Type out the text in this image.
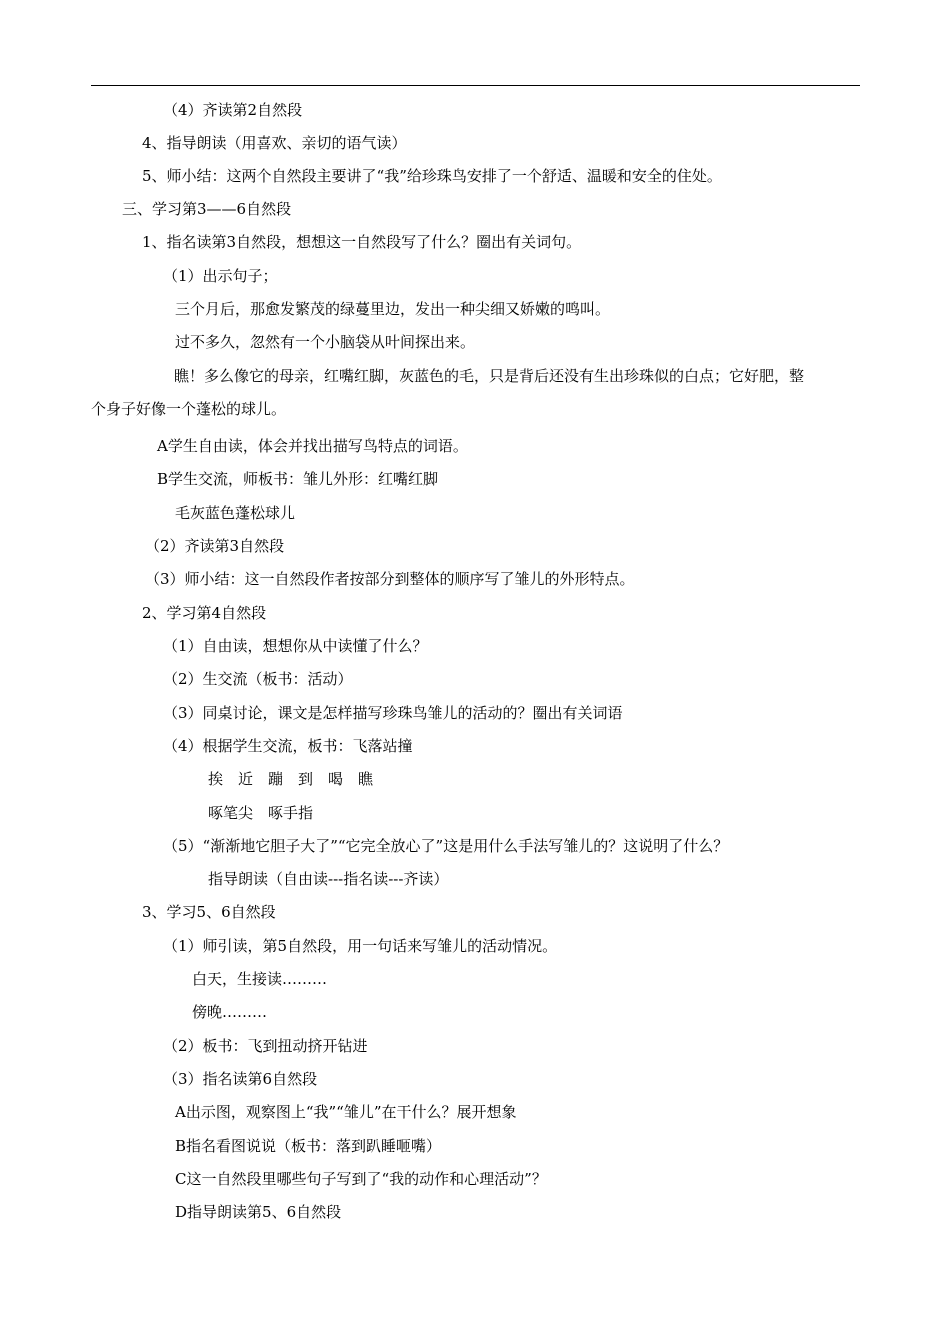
（4）齐读第2自然段
4、指导朗读（用喜欢、亲切的语气读）
5、师小结：这两个自然段主要讲了“我”给珍珠鸟安排了一个舒适、温暖和安全的住处。
三、学习第3——6自然段
1、指名读第3自然段，想想这一自然段写了什么？圈出有关词句。
（1）出示句子；
三个月后，那愈发繁茂的绿蔓里边，发出一种尖细又娇嫩的鸣叫。
过不多久，忽然有一个小脑袋从叶间探出来。
瞧！多么像它的母亲，红嘴红脚，灰蓝色的毛，只是背后还没有生出珍珠似的白点；它好肥，整
个身子好像一个蓬松的球儿。
A学生自由读，体会并找出描写鸟特点的词语。
B学生交流，师板书：雏儿外形：红嘴红脚
毛灰蓝色蓬松球儿
（2）齐读第3自然段
（3）师小结：这一自然段作者按部分到整体的顺序写了雏儿的外形特点。
2、学习第4自然段
（1）自由读，想想你从中读懂了什么？
（2）生交流（板书：活动）
（3）同桌讨论，课文是怎样描写珍珠鸟雏儿的活动的？圈出有关词语
（4）根据学生交流，板书：飞落站撞
挨　近　蹦　到　喝　瞧
啄笔尖　啄手指
（5）“渐渐地它胆子大了”“它完全放心了”这是用什么手法写雏儿的？这说明了什么？
指导朗读（自由读---指名读---齐读）
3、学习5、6自然段
（1）师引读，第5自然段，用一句话来写雏儿的活动情况。
白天，生接读………
傍晚………
（2）板书：飞到扭动挤开钻进
（3）指名读第6自然段
A出示图，观察图上“我”“雏儿”在干什么？展开想象
B指名看图说说（板书：落到趴睡咂嘴）
C这一自然段里哪些句子写到了“我的动作和心理活动”？
D指导朗读第5、6自然段
